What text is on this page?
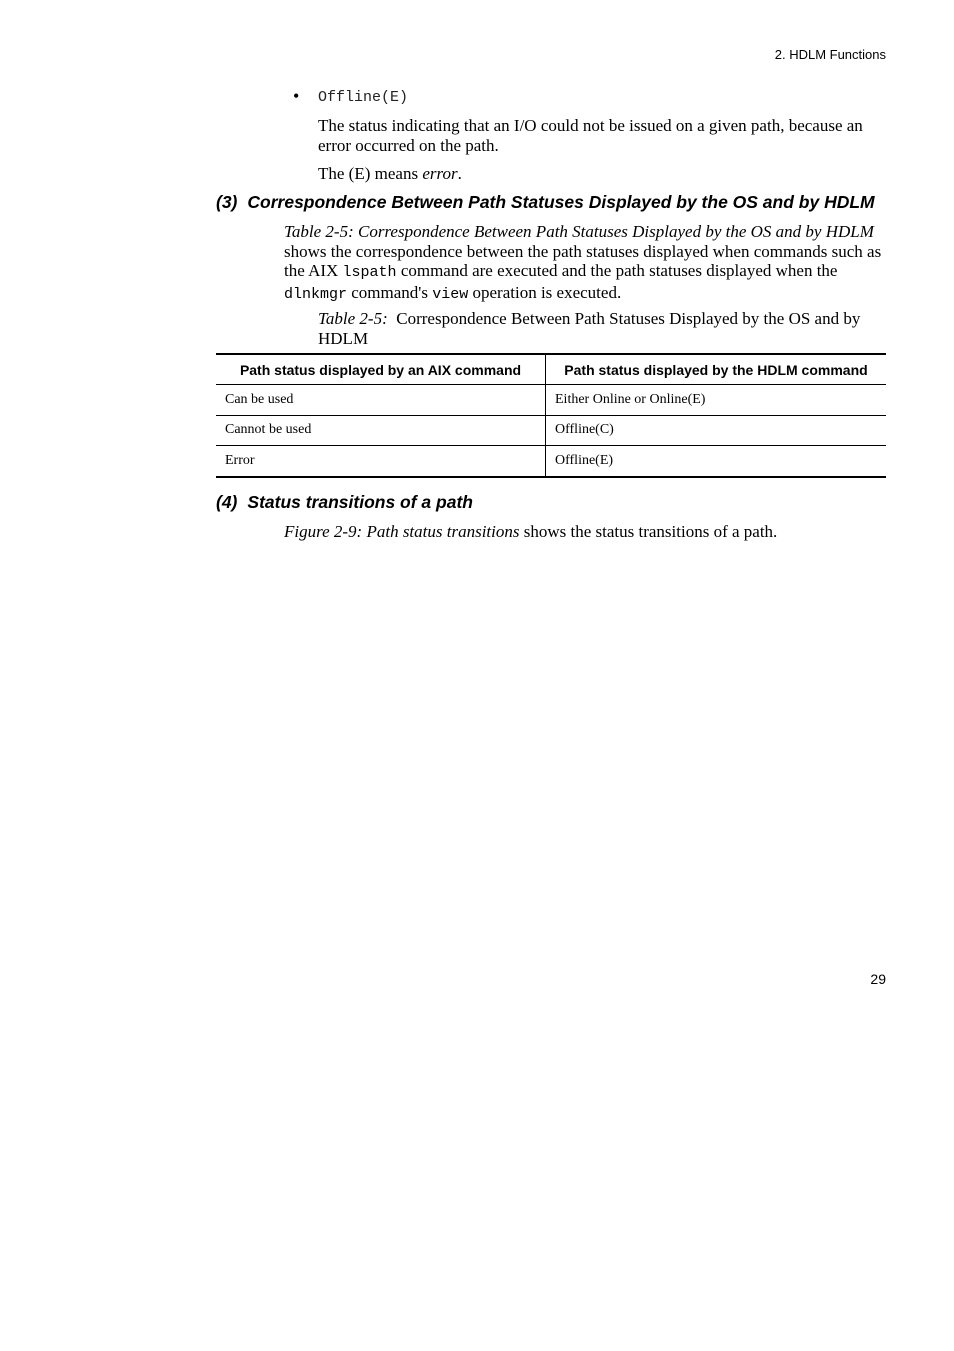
2. HDLM Functions
• Offline(E)
The status indicating that an I/O could not be issued on a given path, because an error occurred on the path.
The (E) means error.
(3) Correspondence Between Path Statuses Displayed by the OS and by HDLM
Table 2-5: Correspondence Between Path Statuses Displayed by the OS and by HDLM shows the correspondence between the path statuses displayed when commands such as the AIX lspath command are executed and the path statuses displayed when the dlnkmgr command's view operation is executed.
Table 2-5: Correspondence Between Path Statuses Displayed by the OS and by HDLM
Path status displayed by an AIX command	Path status displayed by the HDLM command
Can be used	Either Online or Online(E)
Cannot be used	Offline(C)
Error	Offline(E)
(4) Status transitions of a path
Figure 2-9: Path status transitions shows the status transitions of a path.
29
